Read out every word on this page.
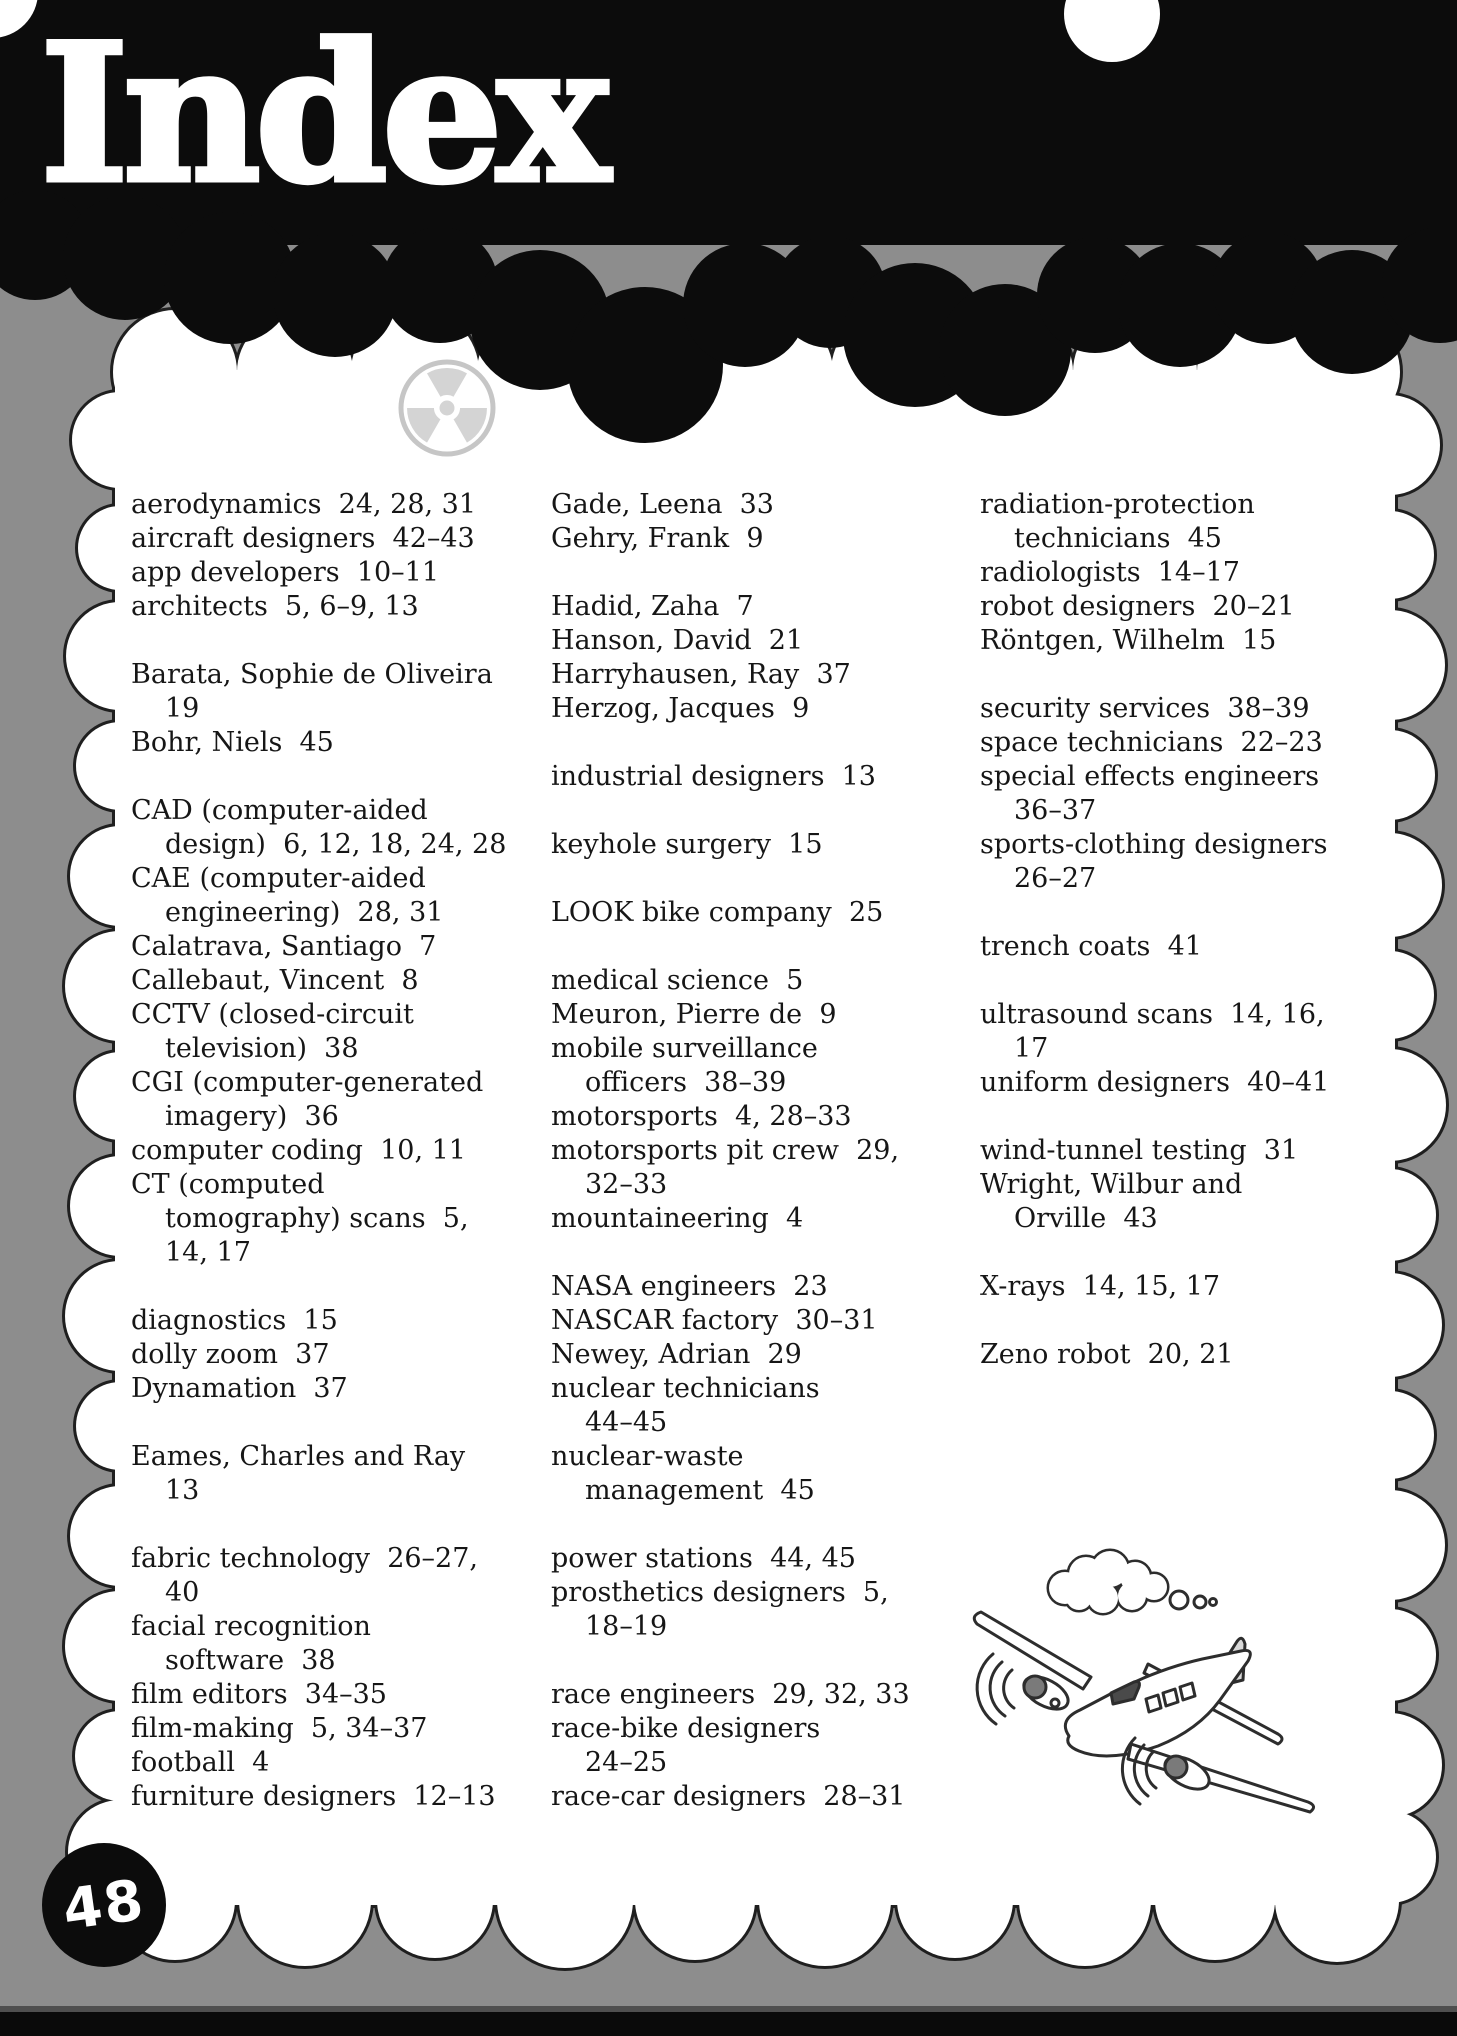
Index
aerodynamics  24, 28, 31
aircraft designers  42–43
app developers  10–11
architects  5, 6–9, 13
Barata, Sophie de Oliveira
19
Bohr, Niels  45
CAD (computer-aided
design)  6, 12, 18, 24, 28
CAE (computer-aided
engineering)  28, 31
Calatrava, Santiago  7
Callebaut, Vincent  8
CCTV (closed-circuit
television)  38
CGI (computer-generated
imagery)  36
computer coding  10, 11
CT (computed
tomography) scans  5,
14, 17
diagnostics  15
dolly zoom  37
Dynamation  37
Eames, Charles and Ray
13
fabric technology  26–27,
40
facial recognition
software  38
film editors  34–35
film-making  5, 34–37
football  4
furniture designers  12–13
Gade, Leena  33
Gehry, Frank  9
Hadid, Zaha  7
Hanson, David  21
Harryhausen, Ray  37
Herzog, Jacques  9
industrial designers  13
keyhole surgery  15
LOOK bike company  25
medical science  5
Meuron, Pierre de  9
mobile surveillance
officers  38–39
motorsports  4, 28–33
motorsports pit crew  29,
32–33
mountaineering  4
NASA engineers  23
NASCAR factory  30–31
Newey, Adrian  29
nuclear technicians
44–45
nuclear-waste
management  45
power stations  44, 45
prosthetics designers  5,
18–19
race engineers  29, 32, 33
race-bike designers
24–25
race-car designers  28–31
radiation-protection
technicians  45
radiologists  14–17
robot designers  20–21
Röntgen, Wilhelm  15
security services  38–39
space technicians  22–23
special effects engineers
36–37
sports-clothing designers
26–27
trench coats  41
ultrasound scans  14, 16,
17
uniform designers  40–41
wind-tunnel testing  31
Wright, Wilbur and
Orville  43
X-rays  14, 15, 17
Zeno robot  20, 21
48
